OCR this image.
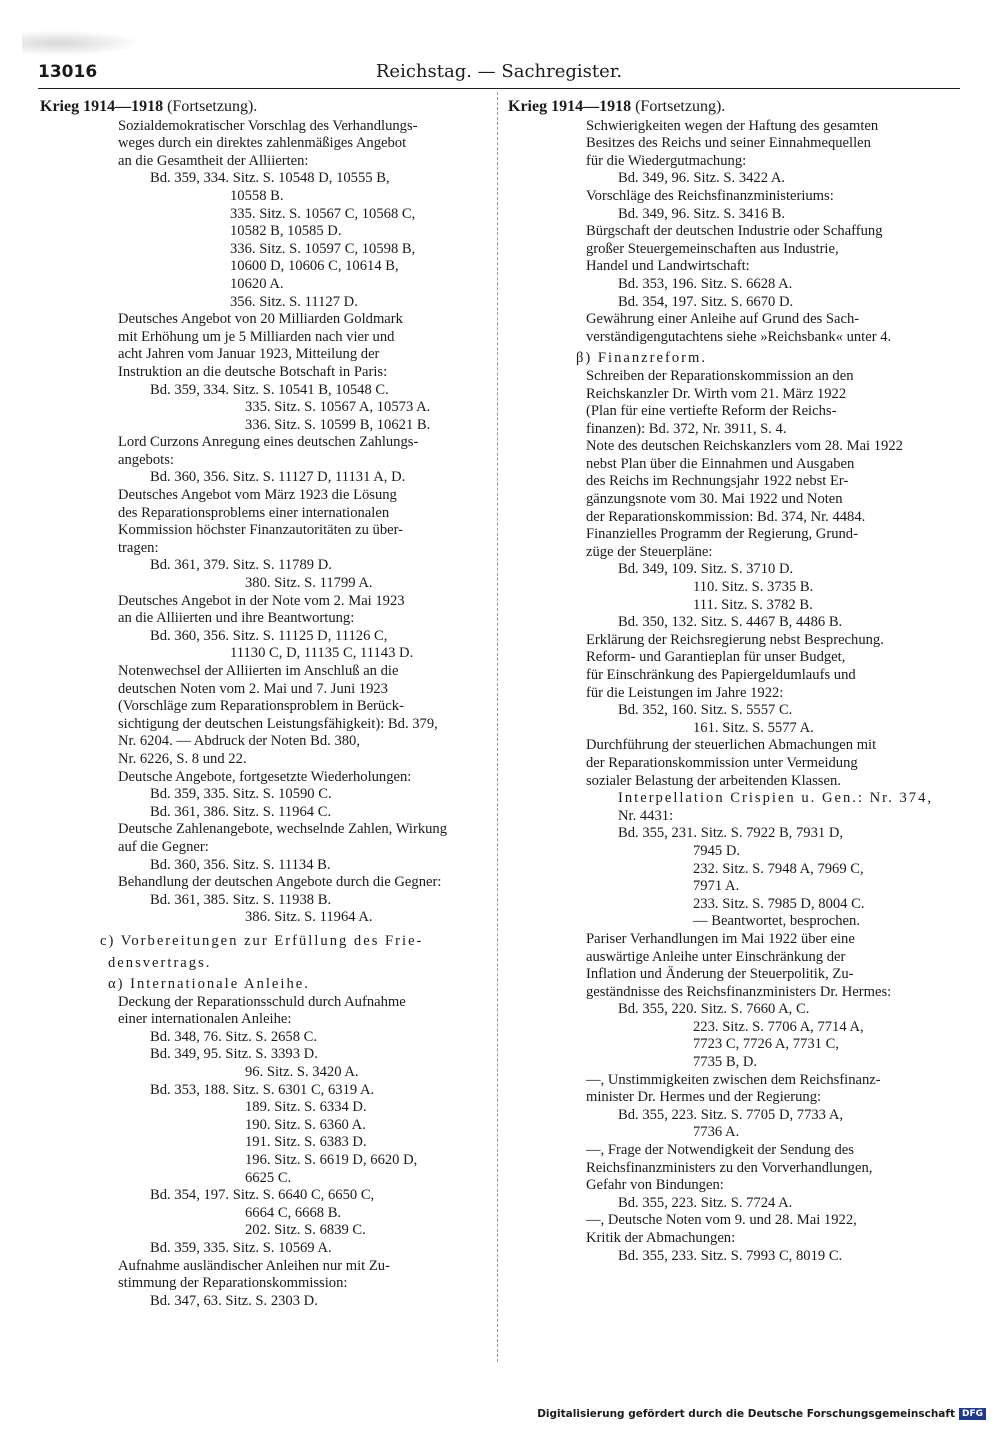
13016	Reichstag. — Sachregister.

Krieg 1914—1918 (Fortsetzung).

Sozialdemokratischer Vorschlag des Verhandlungs-

weges durch ein direktes zahlenmäßiges Angebot

an die Gesamtheit der Alliierten:

Bd. 359, 334. Sitz. S. 10548 D, 10555 B,

10558 B.

335. Sitz. S. 10567 C, 10568 C,

10582 B, 10585 D.

336. Sitz. S. 10597 C, 10598 B,

10600 D, 10606 C, 10614 B,

10620 A.

356. Sitz. S. 11127 D.

Deutsches Angebot von 20 Milliarden Goldmark

mit Erhöhung um je 5 Milliarden nach vier und

acht Jahren vom Januar 1923, Mitteilung der

Instruktion an die deutsche Botschaft in Paris:

Bd. 359, 334. Sitz. S. 10541 B, 10548 C.

335. Sitz. S. 10567 A, 10573 A.

336. Sitz. S. 10599 B, 10621 B.

Lord Curzons Anregung eines deutschen Zahlungs-

angebots:

Bd. 360, 356. Sitz. S. 11127 D, 11131 A, D.

Deutsches Angebot vom März 1923 die Lösung

des Reparationsproblems einer internationalen

Kommission höchster Finanzautoritäten zu über-

tragen:

Bd. 361, 379. Sitz. S. 11789 D.

380. Sitz. S. 11799 A.

Deutsches Angebot in der Note vom 2. Mai 1923

an die Alliierten und ihre Beantwortung:

Bd. 360, 356. Sitz. S. 11125 D, 11126 C,

11130 C, D, 11135 C, 11143 D.

Notenwechsel der Alliierten im Anschluß an die

deutschen Noten vom 2. Mai und 7. Juni 1923

(Vorschläge zum Reparationsproblem in Berück-

sichtigung der deutschen Leistungsfähigkeit): Bd. 379,

Nr. 6204. — Abdruck der Noten Bd. 380,

Nr. 6226, S. 8 und 22.

Deutsche Angebote, fortgesetzte Wiederholungen:

Bd. 359, 335. Sitz. S. 10590 C.

Bd. 361, 386. Sitz. S. 11964 C.

Deutsche Zahlenangebote, wechselnde Zahlen, Wirkung

auf die Gegner:

Bd. 360, 356. Sitz. S. 11134 B.

Behandlung der deutschen Angebote durch die Gegner:

Bd. 361, 385. Sitz. S. 11938 B.

386. Sitz. S. 11964 A.

c) Vorbereitungen zur Erfüllung des Frie-

densvertrags.

α) Internationale Anleihe.

Deckung der Reparationsschuld durch Aufnahme

einer internationalen Anleihe:

Bd. 348, 76. Sitz. S. 2658 C.

Bd. 349, 95. Sitz. S. 3393 D.

96. Sitz. S. 3420 A.

Bd. 353, 188. Sitz. S. 6301 C, 6319 A.

189. Sitz. S. 6334 D.

190. Sitz. S. 6360 A.

191. Sitz. S. 6383 D.

196. Sitz. S. 6619 D, 6620 D,

6625 C.

Bd. 354, 197. Sitz. S. 6640 C, 6650 C,

6664 C, 6668 B.

202. Sitz. S. 6839 C.

Bd. 359, 335. Sitz. S. 10569 A.

Aufnahme ausländischer Anleihen nur mit Zu-

stimmung der Reparationskommission:

Bd. 347, 63. Sitz. S. 2303 D.

Krieg 1914—1918 (Fortsetzung).

Schwierigkeiten wegen der Haftung des gesamten

Besitzes des Reichs und seiner Einnahmequellen

für die Wiedergutmachung:

Bd. 349, 96. Sitz. S. 3422 A.

Vorschläge des Reichsfinanzministeriums:

Bd. 349, 96. Sitz. S. 3416 B.

Bürgschaft der deutschen Industrie oder Schaffung

großer Steuergemeinschaften aus Industrie,

Handel und Landwirtschaft:

Bd. 353, 196. Sitz. S. 6628 A.

Bd. 354, 197. Sitz. S. 6670 D.

Gewährung einer Anleihe auf Grund des Sach-

verständigengutachtens siehe »Reichsbank« unter 4.

β) Finanzreform.

Schreiben der Reparationskommission an den

Reichskanzler Dr. Wirth vom 21. März 1922

(Plan für eine vertiefte Reform der Reichs-

finanzen): Bd. 372, Nr. 3911, S. 4.

Note des deutschen Reichskanzlers vom 28. Mai 1922

nebst Plan über die Einnahmen und Ausgaben

des Reichs im Rechnungsjahr 1922 nebst Er-

gänzungsnote vom 30. Mai 1922 und Noten

der Reparationskommission: Bd. 374, Nr. 4484.

Finanzielles Programm der Regierung, Grund-

züge der Steuerpläne:

Bd. 349, 109. Sitz. S. 3710 D.

110. Sitz. S. 3735 B.

111. Sitz. S. 3782 B.

Bd. 350, 132. Sitz. S. 4467 B, 4486 B.

Erklärung der Reichsregierung nebst Besprechung.

Reform- und Garantieplan für unser Budget,

für Einschränkung des Papiergeldumlaufs und

für die Leistungen im Jahre 1922:

Bd. 352, 160. Sitz. S. 5557 C.

161. Sitz. S. 5577 A.

Durchführung der steuerlichen Abmachungen mit

der Reparationskommission unter Vermeidung

sozialer Belastung der arbeitenden Klassen.

Interpellation Crispien u. Gen.: Nr. 374,

Nr. 4431:

Bd. 355, 231. Sitz. S. 7922 B, 7931 D,

7945 D.

232. Sitz. S. 7948 A, 7969 C,

7971 A.

233. Sitz. S. 7985 D, 8004 C.

— Beantwortet, besprochen.

Pariser Verhandlungen im Mai 1922 über eine

auswärtige Anleihe unter Einschränkung der

Inflation und Änderung der Steuerpolitik, Zu-

geständnisse des Reichsfinanzministers Dr. Hermes:

Bd. 355, 220. Sitz. S. 7660 A, C.

223. Sitz. S. 7706 A, 7714 A,

7723 C, 7726 A, 7731 C,

7735 B, D.

—, Unstimmigkeiten zwischen dem Reichsfinanz-

minister Dr. Hermes und der Regierung:

Bd. 355, 223. Sitz. S. 7705 D, 7733 A,

7736 A.

—, Frage der Notwendigkeit der Sendung des

Reichsfinanzministers zu den Vorverhandlungen,

Gefahr von Bindungen:

Bd. 355, 223. Sitz. S. 7724 A.

—, Deutsche Noten vom 9. und 28. Mai 1922,

Kritik der Abmachungen:

Bd. 355, 233. Sitz. S. 7993 C, 8019 C.

Digitalisierung gefördert durch die Deutsche Forschungsgemeinschaft DFG
